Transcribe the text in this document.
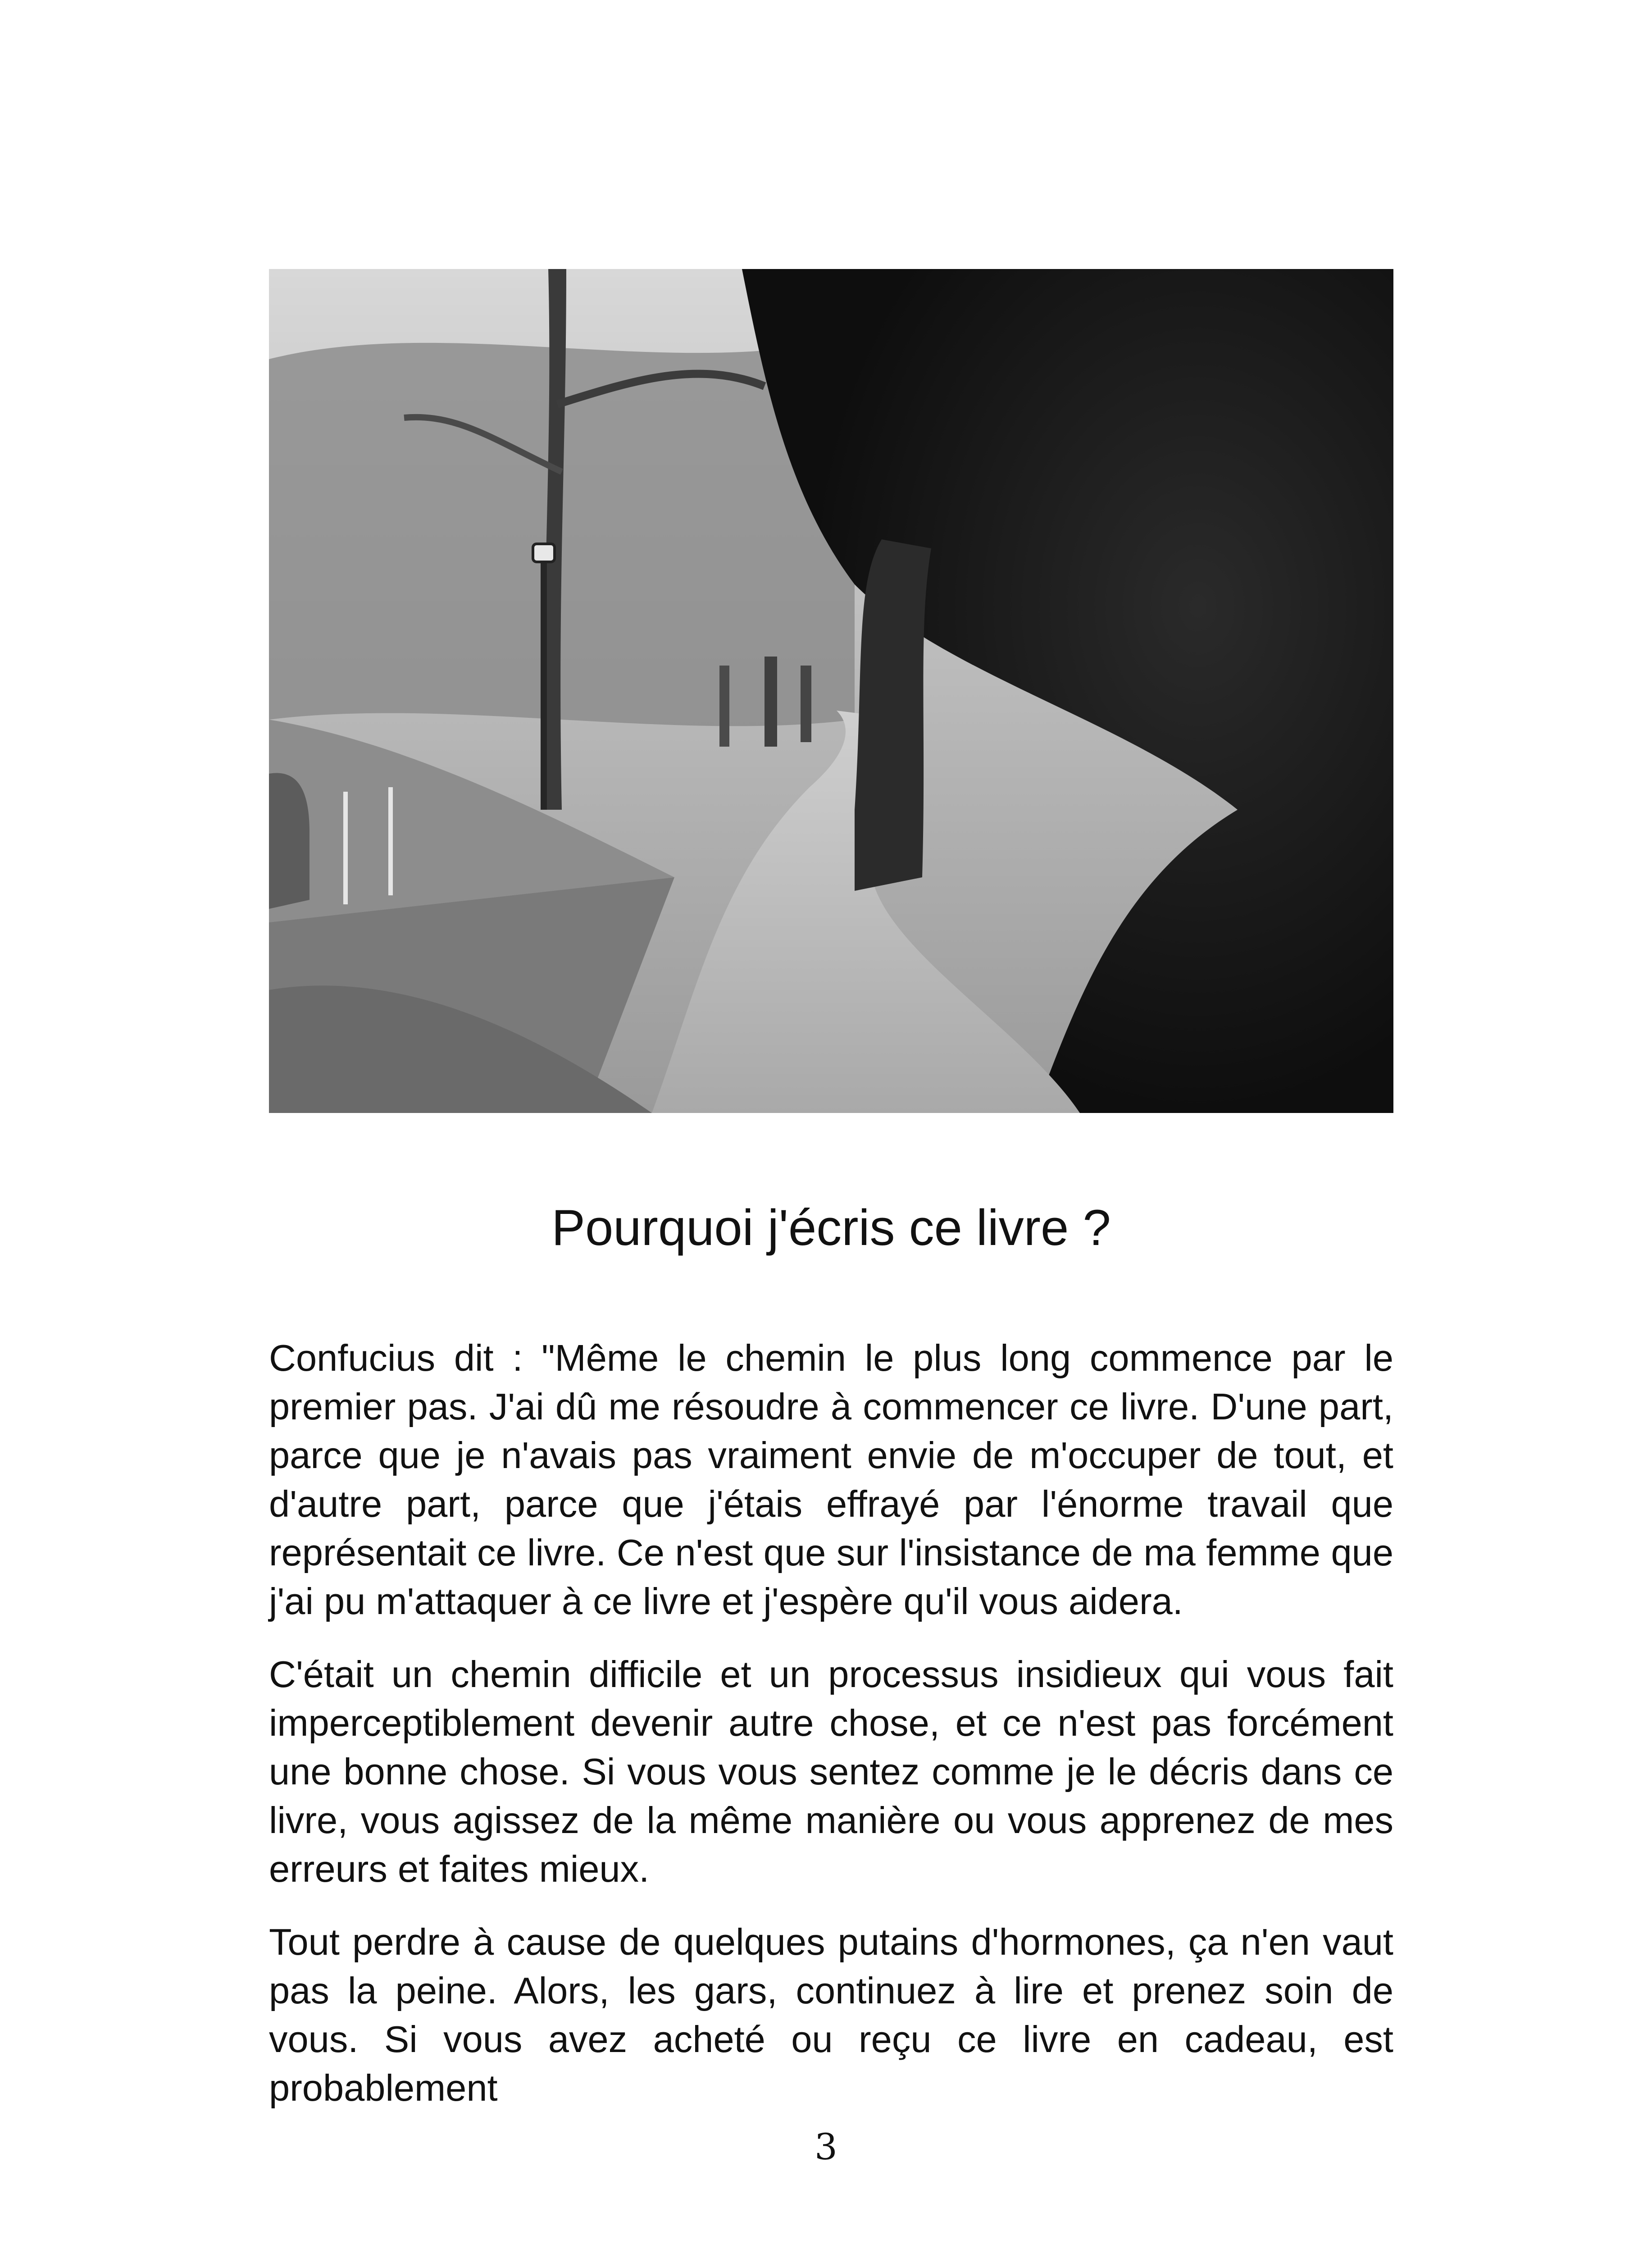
Pourquoi j'écris ce livre ?

Confucius dit : "Même le chemin le plus long commence par le premier pas. J'ai dû me résoudre à commencer ce livre. D'une part, parce que je n'avais pas vraiment envie de m'occuper de tout, et d'autre part, parce que j'étais effrayé par l'énorme travail que représentait ce livre. Ce n'est que sur l'insistance de ma femme que j'ai pu m'attaquer à ce livre et j'espère qu'il vous aidera.

C'était un chemin difficile et un processus insidieux qui vous fait imperceptiblement devenir autre chose, et ce n'est pas forcément une bonne chose. Si vous vous sentez comme je le décris dans ce livre, vous agissez de la même manière ou vous apprenez de mes erreurs et faites mieux.

Tout perdre à cause de quelques putains d'hormones, ça n'en vaut pas la peine. Alors, les gars, continuez à lire et prenez soin de vous. Si vous avez acheté ou reçu ce livre en cadeau, est probablement

3
